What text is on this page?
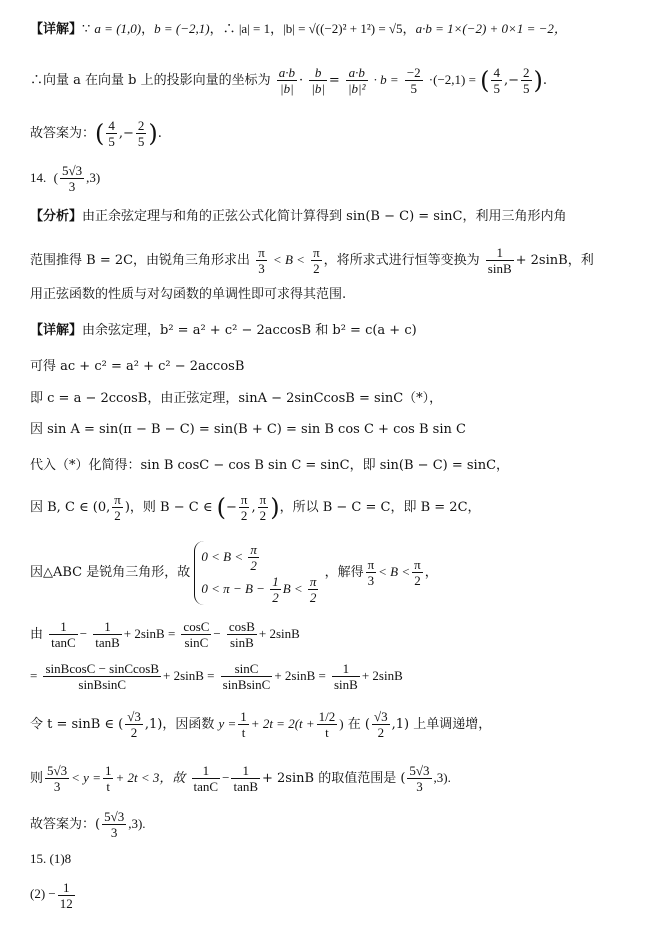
【详解】∵ a = (1,0)，b = (−2,1)，∴ |a| = 1，|b| = √((−2)² + 1²) = √5，a·b = 1×(−2) + 0×1 = −2，
∴向量 a 在向量 b 上的投影向量的坐标为 $\frac{a\cdot b}{|b|} \cdot \frac{b}{|b|} = \frac{a\cdot b}{\text{|b|²}} \cdot b = \frac{-2}{5} \cdot(-2,1)$ = ( $\frac{4}{5}$ ,− $\frac{2}{5}$ ).
故答案为：( $\frac{4}{5}$ ,− $\frac{2}{5}$ ).
14.  ( $\frac{5√3}{3} ,3$)
【分析】由正余弦定理与和角的正弦公式化简计算得到 sin(B − C) = sinC，利用三角形内角
范围推得 B = 2C，由锐角三角形求出 $\frac{\pi}{3} < B < \frac{\pi}{2}$ ，将所求式进行恒等变换为 $\frac{1}{\sin B} + 2\sin B$，利
用正弦函数的性质与对勾函数的单调性即可求得其范围.
【详解】由余弦定理，b² = a² + c² − 2accosB 和 b² = c(a + c)
可得 ac + c² = a² + c² − 2accosB
即 c = a − 2ccosB，由正弦定理，sinA − 2sinCcosB = sinC（*），
因 sin A = sin(π − B − C) = sin(B + C) = sin B cos C + cos B sin C
代入（*）化简得：sin B cosC − cos B sin C = sinC，即 sin(B − C) = sinC，
因 B, C ∈ (0, $\frac{\pi}{2}$ )，则 B − C ∈ (− $\frac{\pi}{2}$ , $\frac{\pi}{2}$ )，所以 B − C = C，即 B = 2C，
因△ABC 是锐角三角形，故
$0 < B < \frac{\pi}{2}$
$0 < \pi - B - \frac{1}{2}$ $B < \frac{\pi}{2}$
，解得 $\frac{\pi}{3} < B < \frac{\pi}{2}$ ，
由 $\frac{1}{\tan C} - \frac{1}{\tan B} + 2\sin B = \frac{\cos C}{\sin C} - \frac{\cos B}{\sin B} + 2\sin B$
= $\frac{\text{sinBcosC − sinCcosB}}{\text{sinBsinC}} + 2\sin B = \frac{\sin C}{\text{sinBsinC}} + 2\sin B = \frac{1}{\sin B} + 2\sin B$
令 t = sinB ∈ ( $\frac{√3}{2} ,1$)，因函数 $y = \frac{1}{t} + 2t = 2(t + \frac{1/2}{t}$ ) 在 ( $\frac{√3}{2} ,1$) 上单调递增，
则 $\frac{5√3}{3} < y = \frac{1}{t} + 2t < 3$，故 $\frac{1}{\tan C} - \frac{1}{\tan B} + 2\sin B$ 的取值范围是 ( $\frac{5√3}{3} ,3$).
故答案为：( $\frac{5√3}{3} ,3$).
15. (1)8
$(2) - \frac{1}{12}$
